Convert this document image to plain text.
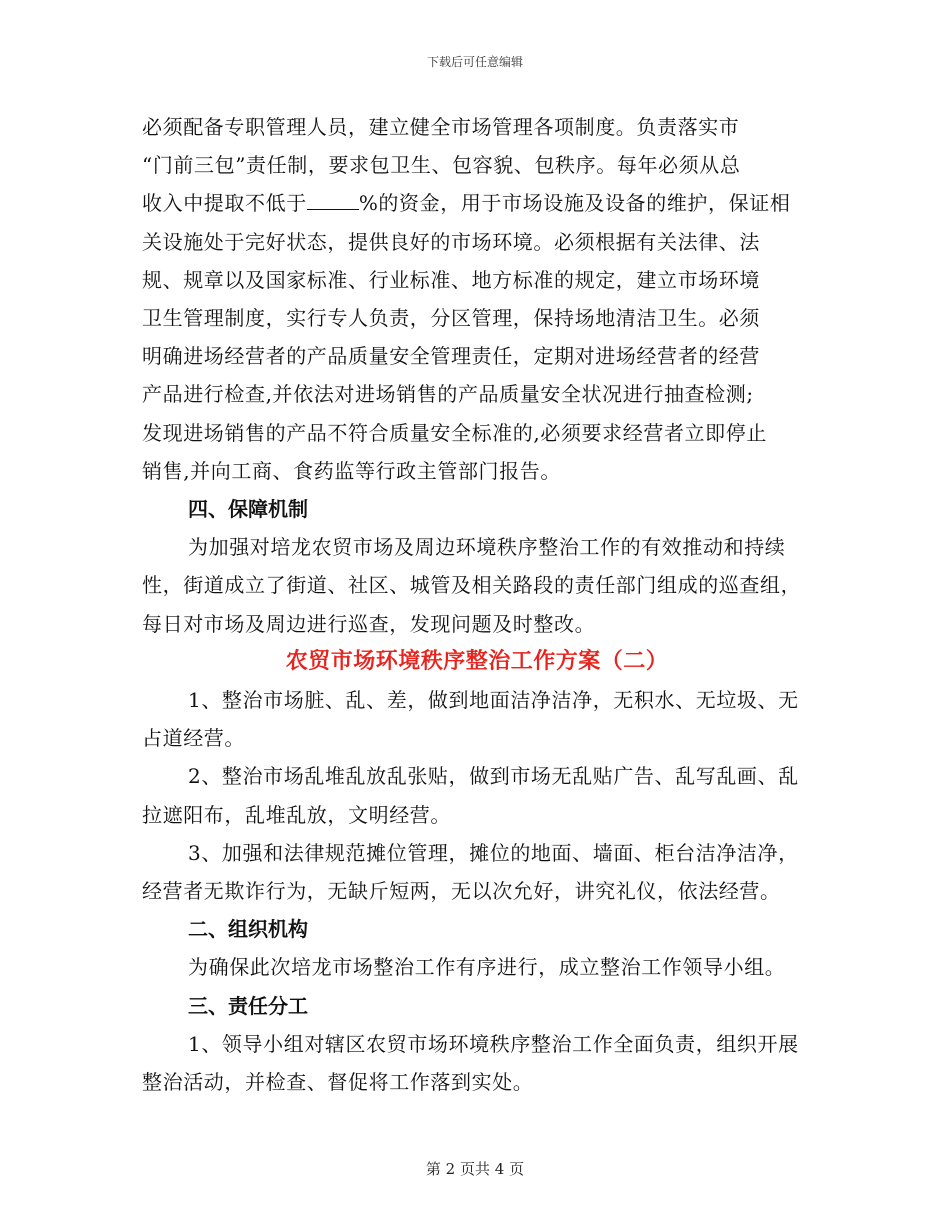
下载后可任意编辑

必须配备专职管理人员，建立健全市场管理各项制度。负责落实市

“门前三包”责任制，要求包卫生、包容貌、包秩序。每年必须从总

收入中提取不低于	%的资金，用于市场设施及设备的维护，保证相

关设施处于完好状态，提供良好的市场环境。必须根据有关法律、法

规、规章以及国家标准、行业标准、地方标准的规定，建立市场环境

卫生管理制度，实行专人负责，分区管理，保持场地清洁卫生。必须

明确进场经营者的产品质量安全管理责任，定期对进场经营者的经营

产品进行检查,并依法对进场销售的产品质量安全状况进行抽查检测;

发现进场销售的产品不符合质量安全标准的,必须要求经营者立即停止

销售,并向工商、食药监等行政主管部门报告。

四、保障机制

为加强对培龙农贸市场及周边环境秩序整治工作的有效推动和持续性，街道成立了街道、社区、城管及相关路段的责任部门组成的巡查组，每日对市场及周边进行巡查，发现问题及时整改。

农贸市场环境秩序整治工作方案（二）

1、整治市场脏、乱、差，做到地面洁净洁净，无积水、无垃圾、无占道经营。

2、整治市场乱堆乱放乱张贴，做到市场无乱贴广告、乱写乱画、乱拉遮阳布，乱堆乱放，文明经营。

3、加强和法律规范摊位管理，摊位的地面、墙面、柜台洁净洁净，经营者无欺诈行为，无缺斤短两，无以次允好，讲究礼仪，依法经营。

二、组织机构

为确保此次培龙市场整治工作有序进行，成立整治工作领导小组。

三、责任分工

1、领导小组对辖区农贸市场环境秩序整治工作全面负责，组织开展整治活动，并检查、督促将工作落到实处。

第 2 页共 4 页
